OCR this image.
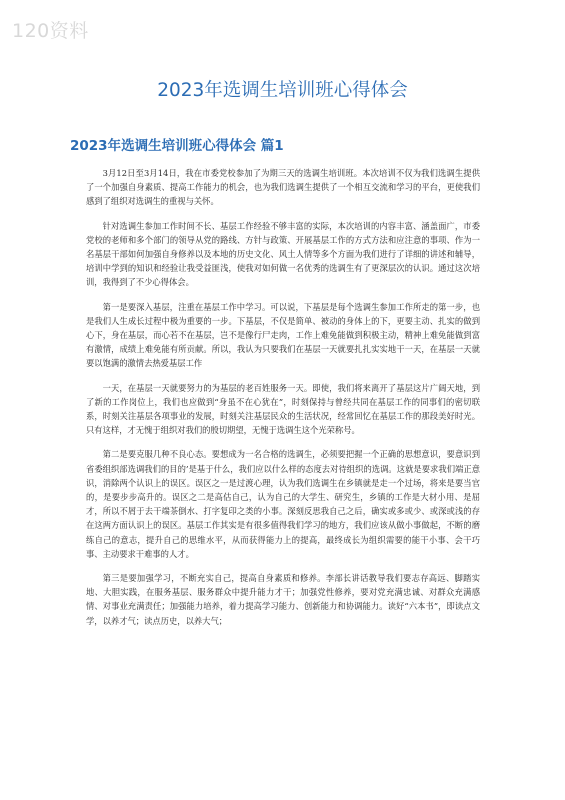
120资料
2023年选调生培训班心得体会
2023年选调生培训班心得体会 篇1

3月12日至3月14日，我在市委党校参加了为期三天的选调生培训班。本次培训不仅为我们选调生提供了一个加强自身素质、提高工作能力的机会，也为我们选调生提供了一个相互交流和学习的平台，更使我们感到了组织对选调生的重视与关怀。

针对选调生参加工作时间不长、基层工作经验不够丰富的实际，本次培训的内容丰富、涵盖面广，市委党校的老师和多个部门的领导从党的路线、方针与政策、开展基层工作的方式方法和应注意的事项、作为一名基层干部如何加强自身修养以及本地的历史文化、风土人情等多个方面为我们进行了详细的讲述和辅导，培训中学到的知识和经验让我受益匪浅，使我对如何做一名优秀的选调生有了更深层次的认识。通过这次培训，我得到了不少心得体会。

第一是要深入基层，注重在基层工作中学习。可以说，下基层是每个选调生参加工作所走的第一步，也是我们人生成长过程中极为重要的一步。下基层，不仅是简单、被动的身体上的下，更要主动、扎实的做到心下，身在基层，而心若不在基层，岂不是像行尸走肉，工作上难免能做到积极主动，精神上难免能做到富有激情，成绩上难免能有所贡献。所以，我认为只要我们在基层一天就要扎扎实实地干一天，在基层一天就要以饱满的激情去热爱基层工作

一天，在基层一天就要努力的为基层的老百姓服务一天。即使，我们将来离开了基层这片广阔天地，到了新的工作岗位上，我们也应做到“身虽不在心犹在”，时刻保持与曾经共同在基层工作的同事们的密切联系，时刻关注基层各项事业的发展，时刻关注基层民众的生活状况，经常回忆在基层工作的那段美好时光。只有这样，才无愧于组织对我们的殷切期望，无愧于选调生这个光荣称号。

第二是要克服几种不良心态。要想成为一名合格的选调生，必须要把握一个正确的思想意识，要意识到省委组织部选调我们的目的’是基于什么，我们应以什么样的态度去对待组织的选调。这就是要求我们端正意识，消除两个认识上的误区。误区之一是过渡心理，认为我们选调生在乡镇就是走一个过场，将来是要当官的，是要步步高升的。误区之二是高估自己，认为自己的大学生、研究生，乡镇的工作是大材小用、是屈才，所以不屑于去干端茶倒水、打字复印之类的小事。深刻反思我自己之后，确实或多或少、或深或浅的存在这两方面认识上的误区。基层工作其实是有很多值得我们学习的地方，我们应该从做小事做起，不断的磨练自己的意志，提升自己的思维水平，从而获得能力上的提高，最终成长为组织需要的能干小事、会干巧事、主动要求干难事的人才。

第三是要加强学习，不断充实自己，提高自身素质和修养。李部长讲话教导我们要志存高远、脚踏实地、大胆实践，在服务基层、服务群众中提升能力才干；加强党性修养，要对党充满忠诚、对群众充满感情、对事业充满责任；加强能力培养，着力提高学习能力、创新能力和协调能力。读好“六本书”，即读点文学，以养才气；读点历史，以养大气；
